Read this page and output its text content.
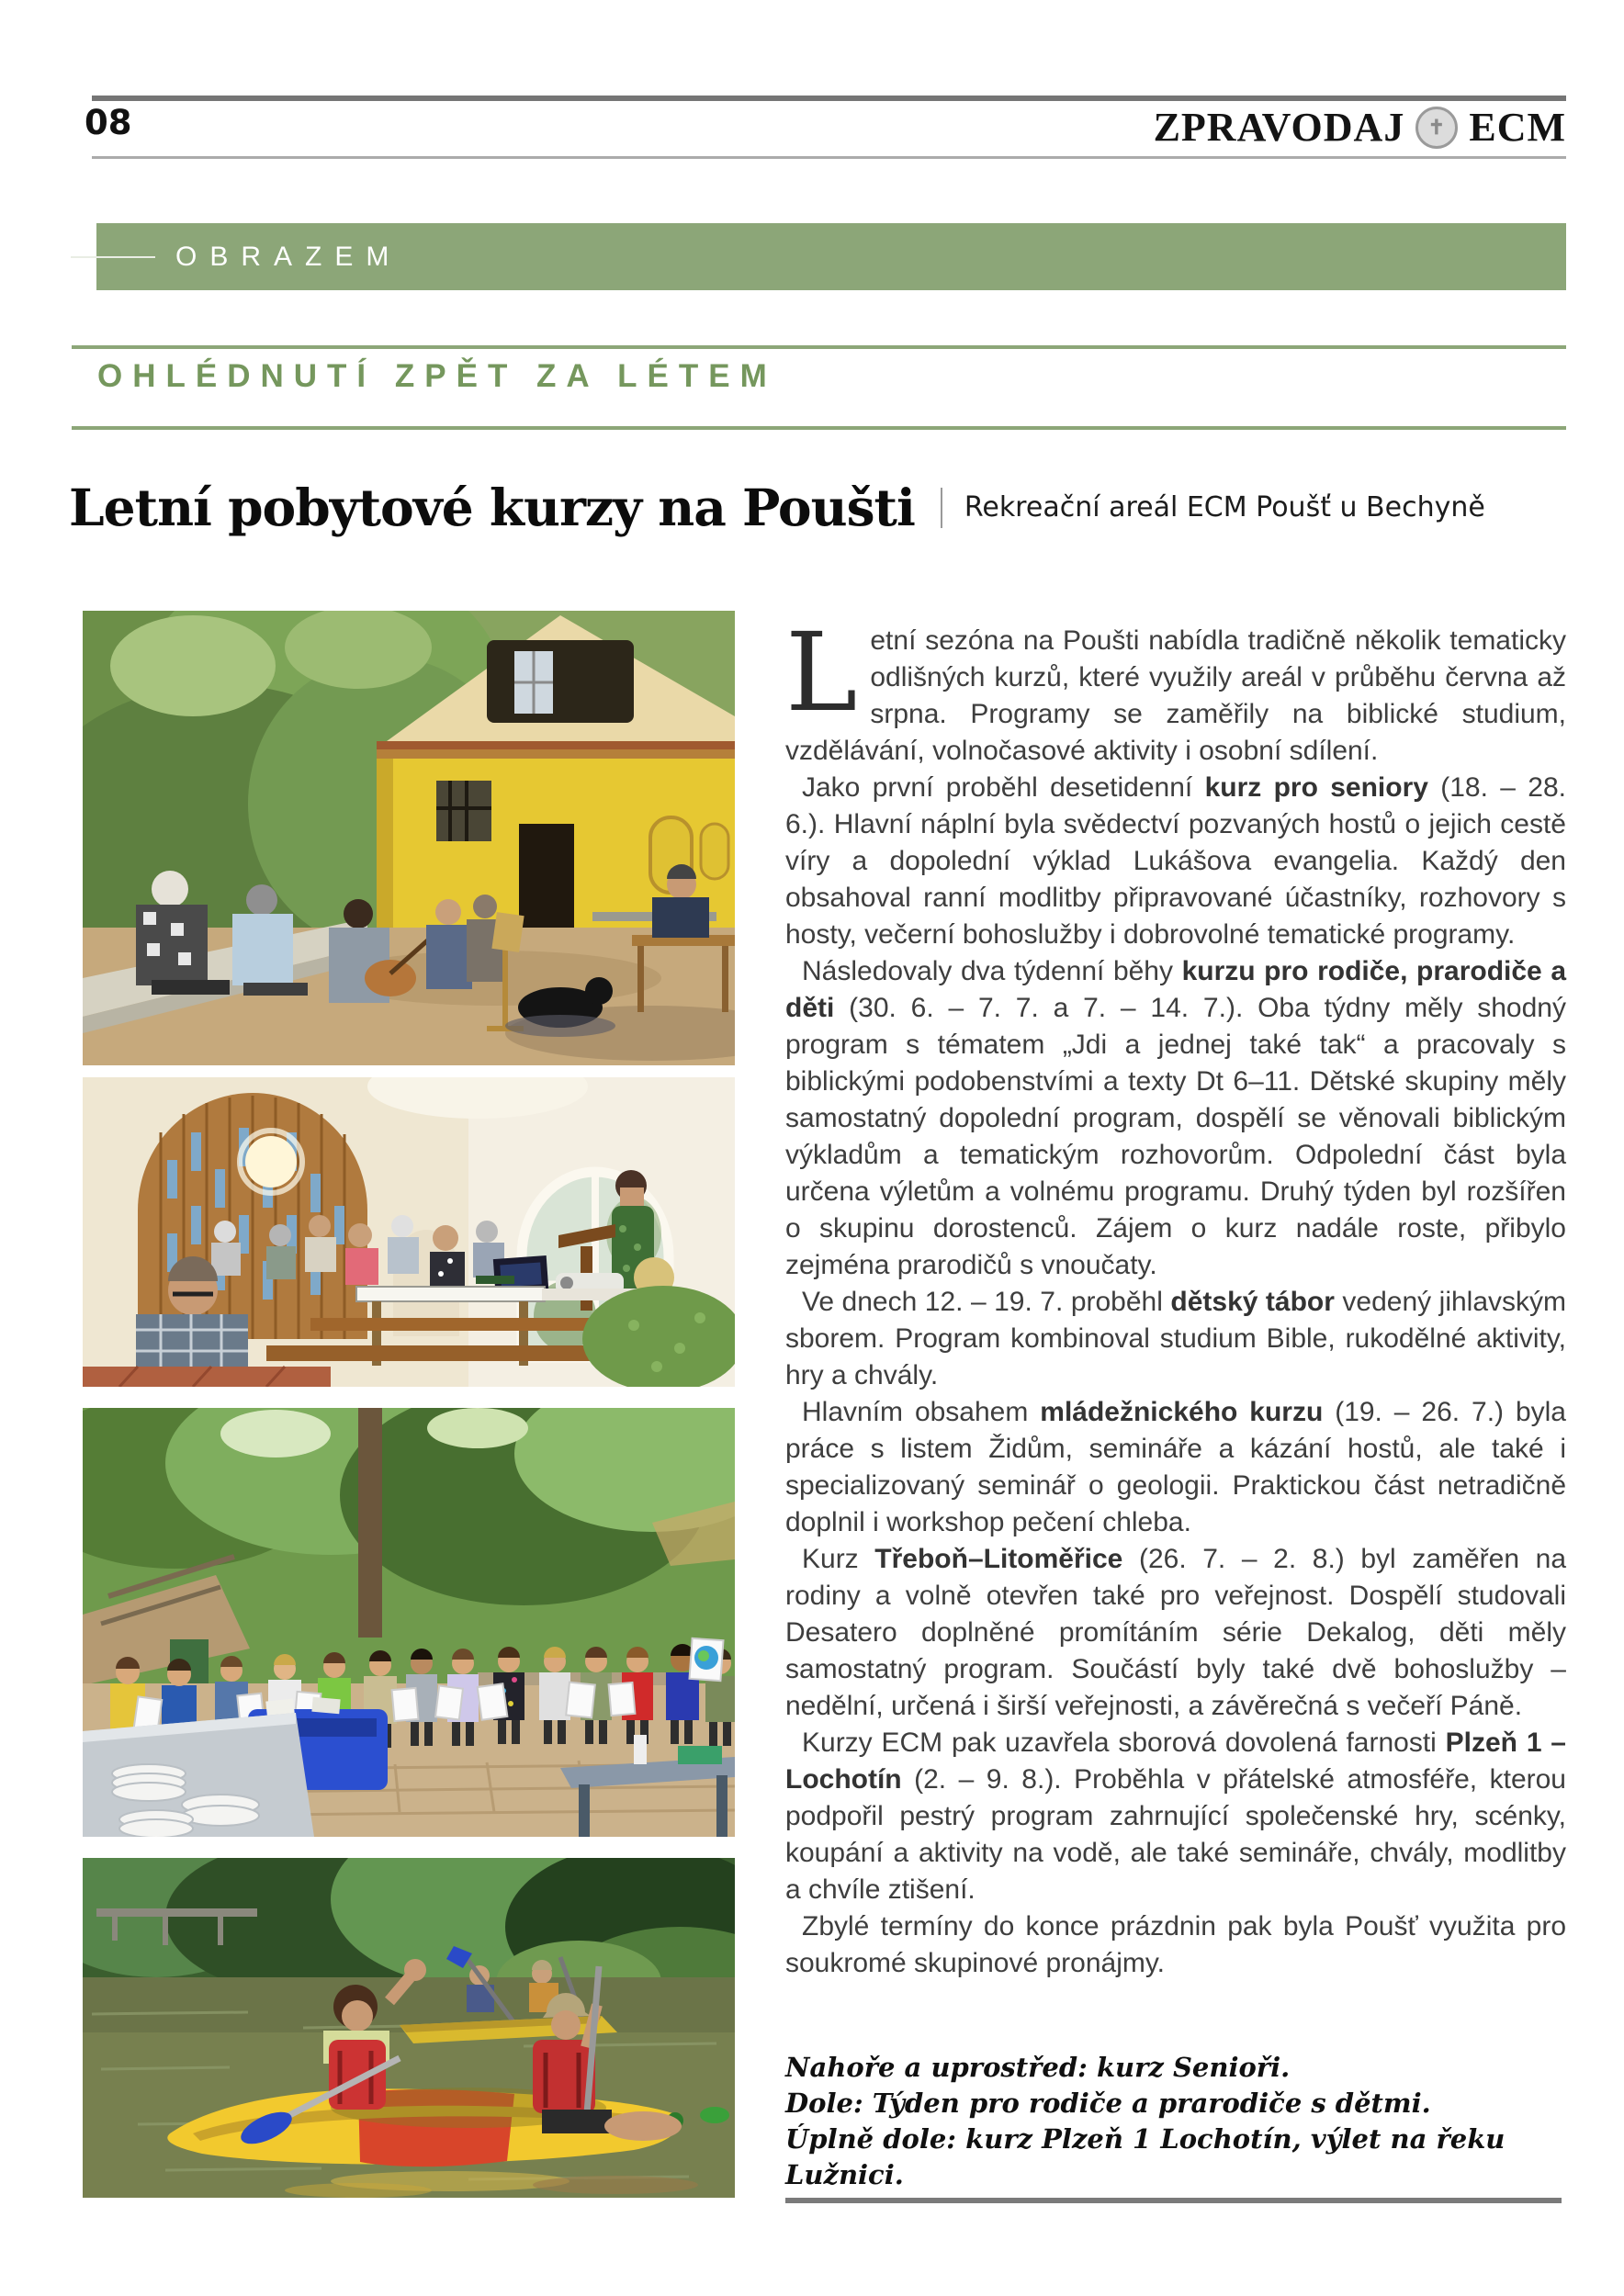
08	ZPRAVODAJ	✝ ECM
OBRAZEM
OHLÉDNUTÍ ZPĚT ZA LÉTEM
Letní pobytové kurzy na Poušti Rekreační areál ECM Poušť u Bechyně

Letní sezóna na Poušti nabídla tradičně několik tematicky odlišných kurzů, které využily areál v průběhu června až srpna. Programy se zaměřily na biblické studium, vzdělávání, volnočasové aktivity i osobní sdílení.

Jako první proběhl desetidenní kurz pro seniory (18. – 28. 6.). Hlavní náplní byla svědectví pozvaných hostů o jejich cestě víry a dopolední výklad Lukášova evangelia. Každý den obsahoval ranní modlitby připravované účastníky, rozhovory s hosty, večerní bohoslužby i dobrovolné tematické programy.

Následovaly dva týdenní běhy kurzu pro rodiče, prarodiče a děti (30. 6. – 7. 7. a 7. – 14. 7.). Oba týdny měly shodný program s tématem „Jdi a jednej také tak“ a pracovaly s biblickými podobenstvími a texty Dt 6–11. Dětské skupiny měly samostatný dopolední program, dospělí se věnovali biblickým výkladům a tematickým rozhovorům. Odpolední část byla určena výletům a volnému programu. Druhý týden byl rozšířen o skupinu dorostenců. Zájem o kurz nadále roste, přibylo zejména prarodičů s vnoučaty.

Ve dnech 12. – 19. 7. proběhl dětský tábor vedený jihlavským sborem. Program kombinoval studium Bible, rukodělné aktivity, hry a chvály.

Hlavním obsahem mládežnického kurzu (19. – 26. 7.) byla práce s listem Židům, semináře a kázání hostů, ale také i specializovaný seminář o geologii. Praktickou část netradičně doplnil i workshop pečení chleba.

Kurz Třeboň–Litoměřice (26. 7. – 2. 8.) byl zaměřen na rodiny a volně otevřen také pro veřejnost. Dospělí studovali Desatero doplněné promítáním série Dekalog, děti měly samostatný program. Součástí byly také dvě bohoslužby – nedělní, určená i širší veřejnosti, a závěrečná s večeří Páně.

Kurzy ECM pak uzavřela sborová dovolená farnosti Plzeň 1 – Lochotín (2. – 9. 8.). Proběhla v přátelské atmosféře, kterou podpořil pestrý program zahrnující společenské hry, scénky, koupání a aktivity na vodě, ale také semináře, chvály, modlitby a chvíle ztišení.

Zbylé termíny do konce prázdnin pak byla Poušť využita pro soukromé skupinové pronájmy.

Nahoře a uprostřed: kurz Senioři.
Dole: Týden pro rodiče a prarodiče s dětmi.
Úplně dole: kurz Plzeň 1 Lochotín, výlet na řeku Lužnici.
